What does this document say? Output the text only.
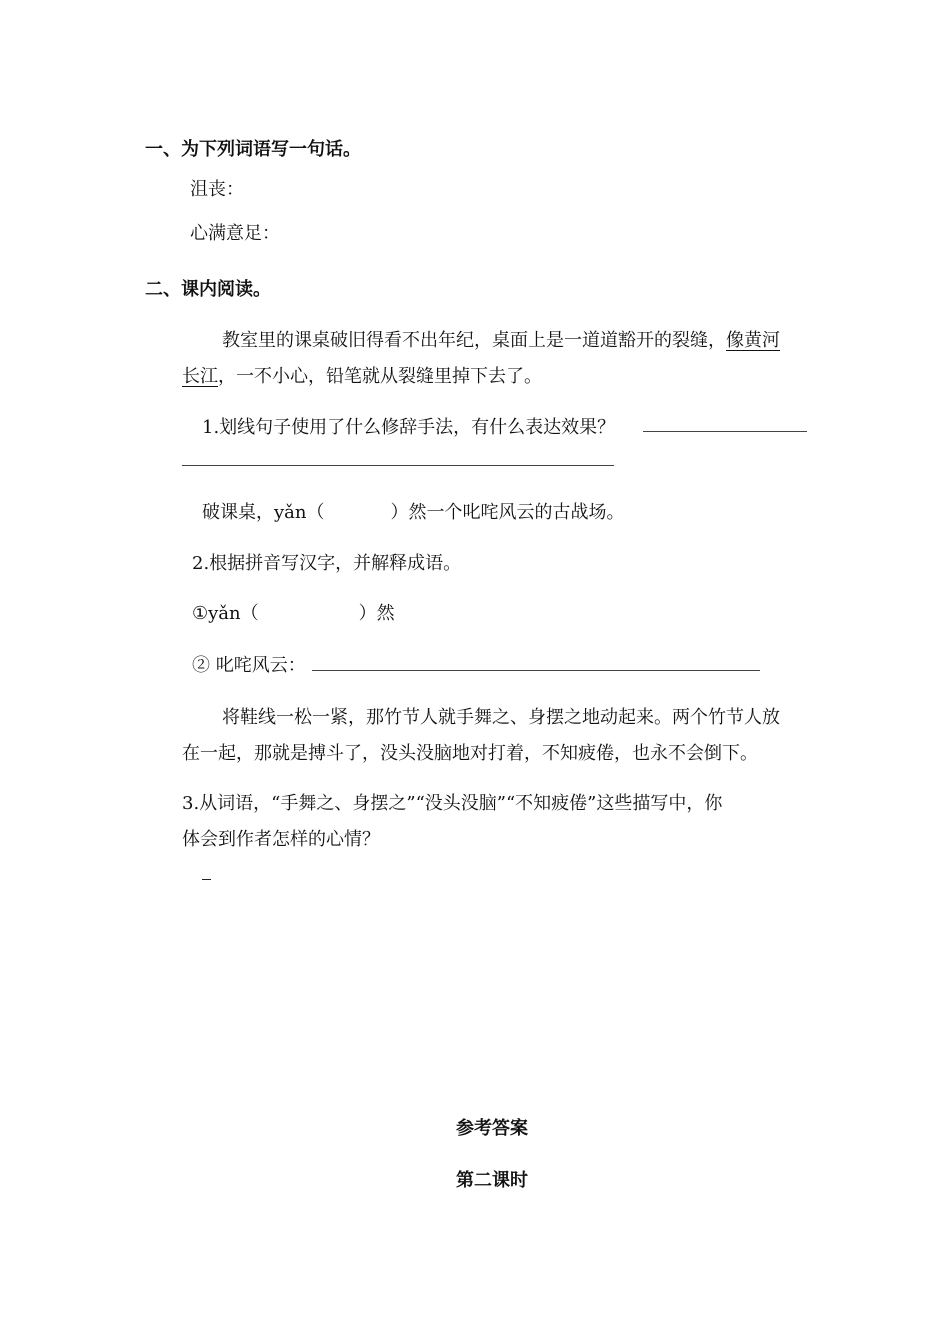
一、为下列词语写一句话。
沮丧：
心满意足：
二、课内阅读。
教室里的课桌破旧得看不出年纪，桌面上是一道道豁开的裂缝，像黄河
长江，一不小心，铅笔就从裂缝里掉下去了。
1.划线句子使用了什么修辞手法，有什么表达效果？
破课桌，yǎn（	）然一个叱咤风云的古战场。
2.根据拼音写汉字，并解释成语。
①yǎn（	）然
② 叱咤风云：
将鞋线一松一紧，那竹节人就手舞之、身摆之地动起来。两个竹节人放
在一起，那就是搏斗了，没头没脑地对打着，不知疲倦，也永不会倒下。
3.从词语，“手舞之、身摆之”“没头没脑”“不知疲倦”这些描写中，你
体会到作者怎样的心情？
参考答案
第二课时
